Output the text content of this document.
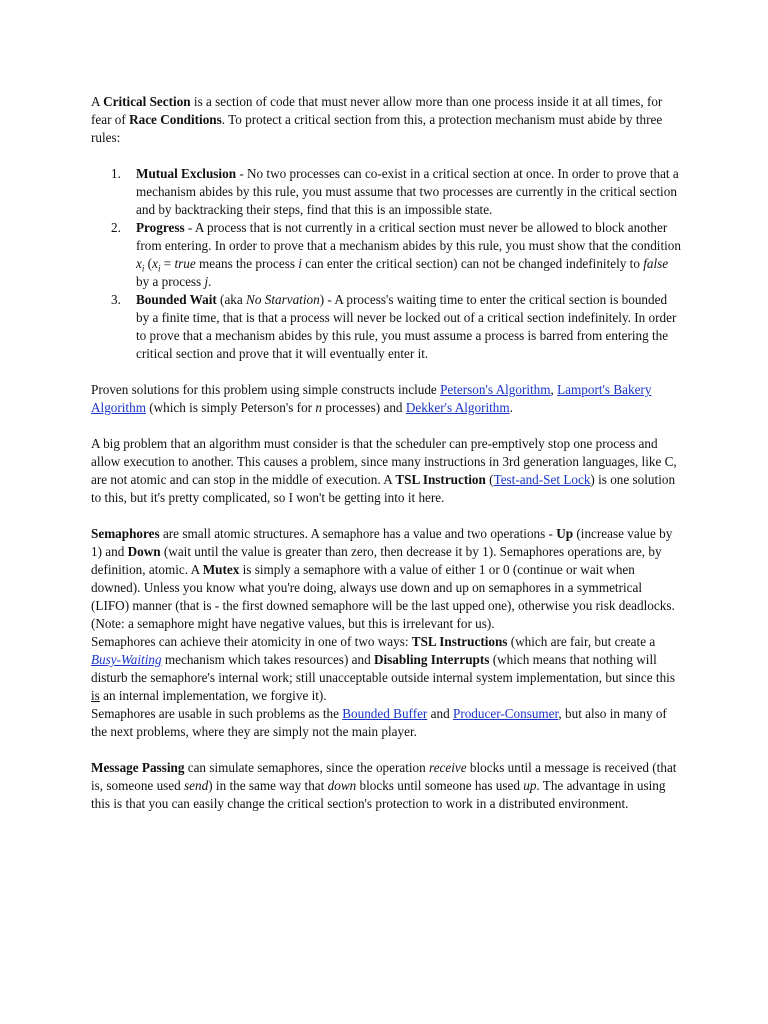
A Critical Section is a section of code that must never allow more than one process inside it at all times, for fear of Race Conditions. To protect a critical section from this, a protection mechanism must abide by three rules:

1. Mutual Exclusion - No two processes can co-exist in a critical section at once. In order to prove that a mechanism abides by this rule, you must assume that two processes are currently in the critical section and by backtracking their steps, find that this is an impossible state.
2. Progress - A process that is not currently in a critical section must never be allowed to block another from entering. In order to prove that a mechanism abides by this rule, you must show that the condition $x_i$ ($x_i$ = true means the process i can enter the critical section) can not be changed indefinitely to false by a process j.
3. Bounded Wait (aka No Starvation) - A process's waiting time to enter the critical section is bounded by a finite time, that is that a process will never be locked out of a critical section indefinitely. In order to prove that a mechanism abides by this rule, you must assume a process is barred from entering the critical section and prove that it will eventually enter it.

Proven solutions for this problem using simple constructs include Peterson's Algorithm, Lamport's Bakery Algorithm (which is simply Peterson's for n processes) and Dekker's Algorithm.

A big problem that an algorithm must consider is that the scheduler can pre-emptively stop one process and allow execution to another. This causes a problem, since many instructions in 3rd generation languages, like C, are not atomic and can stop in the middle of execution. A TSL Instruction (Test-and-Set Lock) is one solution to this, but it's pretty complicated, so I won't be getting into it here.

Semaphores are small atomic structures. A semaphore has a value and two operations - Up (increase value by 1) and Down (wait until the value is greater than zero, then decrease it by 1). Semaphores operations are, by definition, atomic. A Mutex is simply a semaphore with a value of either 1 or 0 (continue or wait when downed). Unless you know what you're doing, always use down and up on semaphores in a symmetrical (LIFO) manner (that is - the first downed semaphore will be the last upped one), otherwise you risk deadlocks. (Note: a semaphore might have negative values, but this is irrelevant for us).

Semaphores can achieve their atomicity in one of two ways: TSL Instructions (which are fair, but create a Busy-Waiting mechanism which takes resources) and Disabling Interrupts (which means that nothing will disturb the semaphore's internal work; still unacceptable outside internal system implementation, but since this is an internal implementation, we forgive it).

Semaphores are usable in such problems as the Bounded Buffer and Producer-Consumer, but also in many of the next problems, where they are simply not the main player.

Message Passing can simulate semaphores, since the operation receive blocks until a message is received (that is, someone used send) in the same way that down blocks until someone has used up. The advantage in using this is that you can easily change the critical section's protection to work in a distributed environment.
